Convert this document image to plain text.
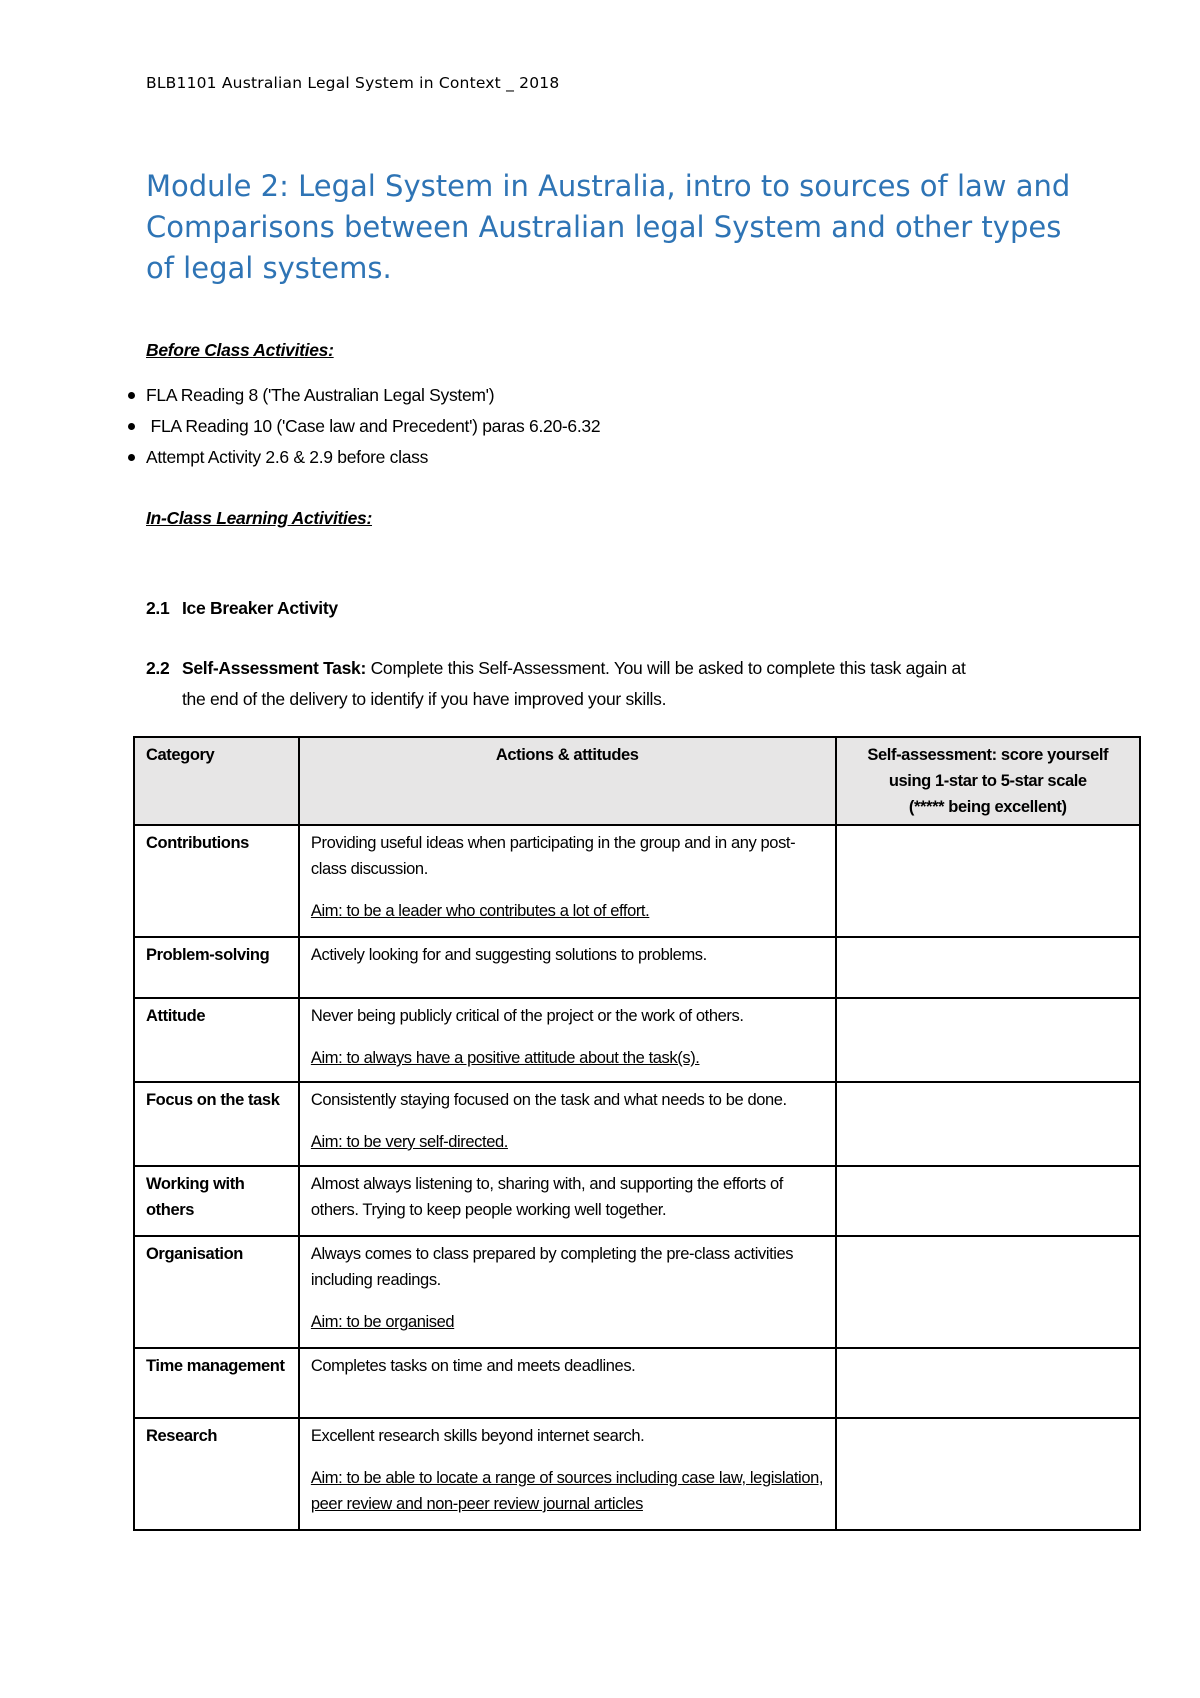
BLB1101 Australian Legal System in Context _ 2018
Module 2: Legal System in Australia, intro to sources of law and Comparisons between Australian legal System and other types of legal systems.
Before Class Activities:
FLA Reading 8 ('The Australian Legal System')
FLA Reading 10 ('Case law and Precedent') paras 6.20-6.32
Attempt Activity 2.6 & 2.9 before class
In-Class Learning Activities:
2.1 Ice Breaker Activity
2.2 Self-Assessment Task: Complete this Self-Assessment. You will be asked to complete this task again at
the end of the delivery to identify if you have improved your skills.
Category	Actions & attitudes	Self-assessment: score yourself
using 1-star to 5-star scale
(***** being excellent)

Contributions	Providing useful ideas when participating in the group and in any post-class discussion.
Aim: to be a leader who contributes a lot of effort.	

Problem-solving	Actively looking for and suggesting solutions to problems.	

Attitude	Never being publicly critical of the project or the work of others.
Aim: to always have a positive attitude about the task(s).	

Focus on the task	Consistently staying focused on the task and what needs to be done.
Aim: to be very self-directed.	

Working with others	Almost always listening to, sharing with, and supporting the efforts of others. Trying to keep people working well together.	

Organisation	Always comes to class prepared by completing the pre-class activities including readings.
Aim: to be organised	

Time management	Completes tasks on time and meets deadlines.	

Research	Excellent research skills beyond internet search.
Aim: to be able to locate a range of sources including case law, legislation, peer review and non-peer review journal articles	
